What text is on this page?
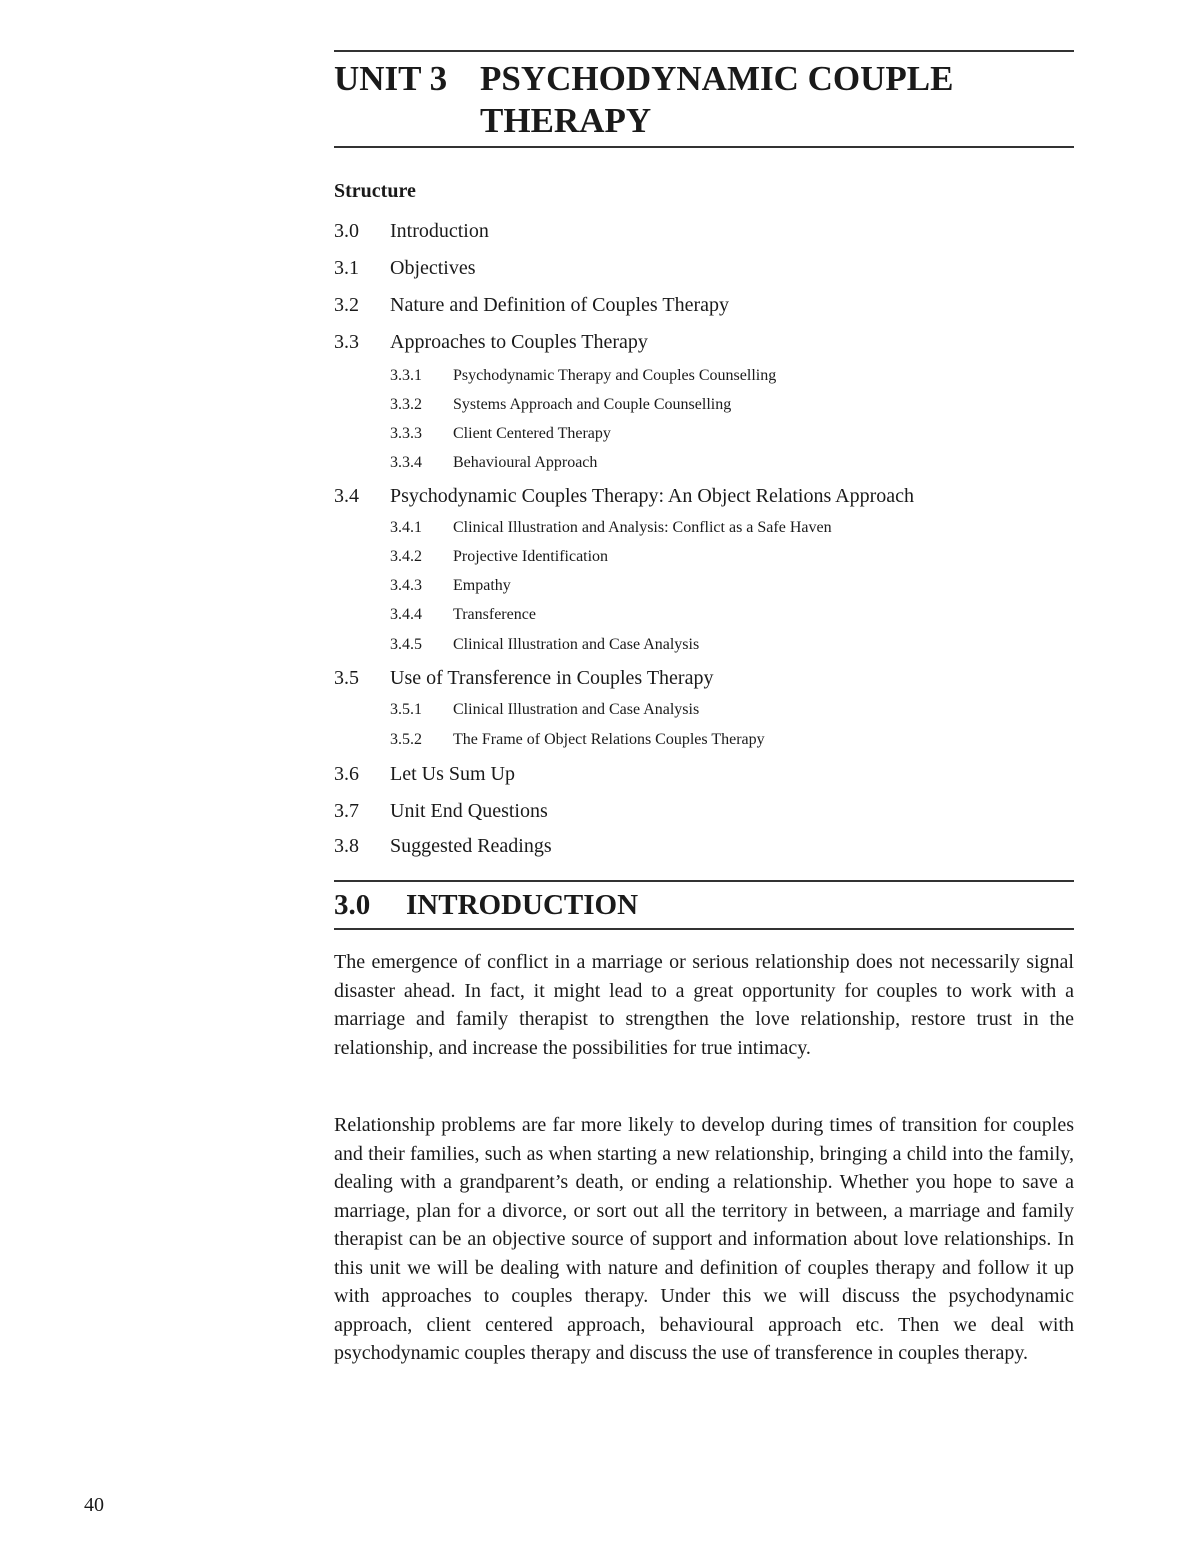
UNIT 3 PSYCHODYNAMIC COUPLE THERAPY
Structure
3.0	Introduction
3.1	Objectives
3.2	Nature and Definition of Couples Therapy
3.3	Approaches to Couples Therapy
3.3.1	Psychodynamic Therapy and Couples Counselling
3.3.2	Systems Approach and Couple Counselling
3.3.3	Client Centered Therapy
3.3.4	Behavioural Approach
3.4	Psychodynamic Couples Therapy: An Object Relations Approach
3.4.1	Clinical Illustration and Analysis: Conflict as a Safe Haven
3.4.2	Projective Identification
3.4.3	Empathy
3.4.4	Transference
3.4.5	Clinical Illustration and Case Analysis
3.5	Use of Transference in Couples Therapy
3.5.1	Clinical Illustration and Case Analysis
3.5.2	The Frame of Object Relations Couples Therapy
3.6	Let Us Sum Up
3.7	Unit End Questions
3.8	Suggested Readings
3.0	INTRODUCTION

The emergence of conflict in a marriage or serious relationship does not necessarily signal disaster ahead. In fact, it might lead to a great opportunity for couples to work with a marriage and family therapist to strengthen the love relationship, restore trust in the relationship, and increase the possibilities for true intimacy.

Relationship problems are far more likely to develop during times of transition for couples and their families, such as when starting a new relationship, bringing a child into the family, dealing with a grandparent’s death, or ending a relationship. Whether you hope to save a marriage, plan for a divorce, or sort out all the territory in between, a marriage and family therapist can be an objective source of support and information about love relationships. In this unit we will be dealing with nature and definition of couples therapy and follow it up with approaches to couples therapy. Under this we will discuss the psychodynamic approach, client centered approach, behavioural approach etc. Then we deal with psychodynamic couples therapy and discuss the use of transference in couples therapy.

40
